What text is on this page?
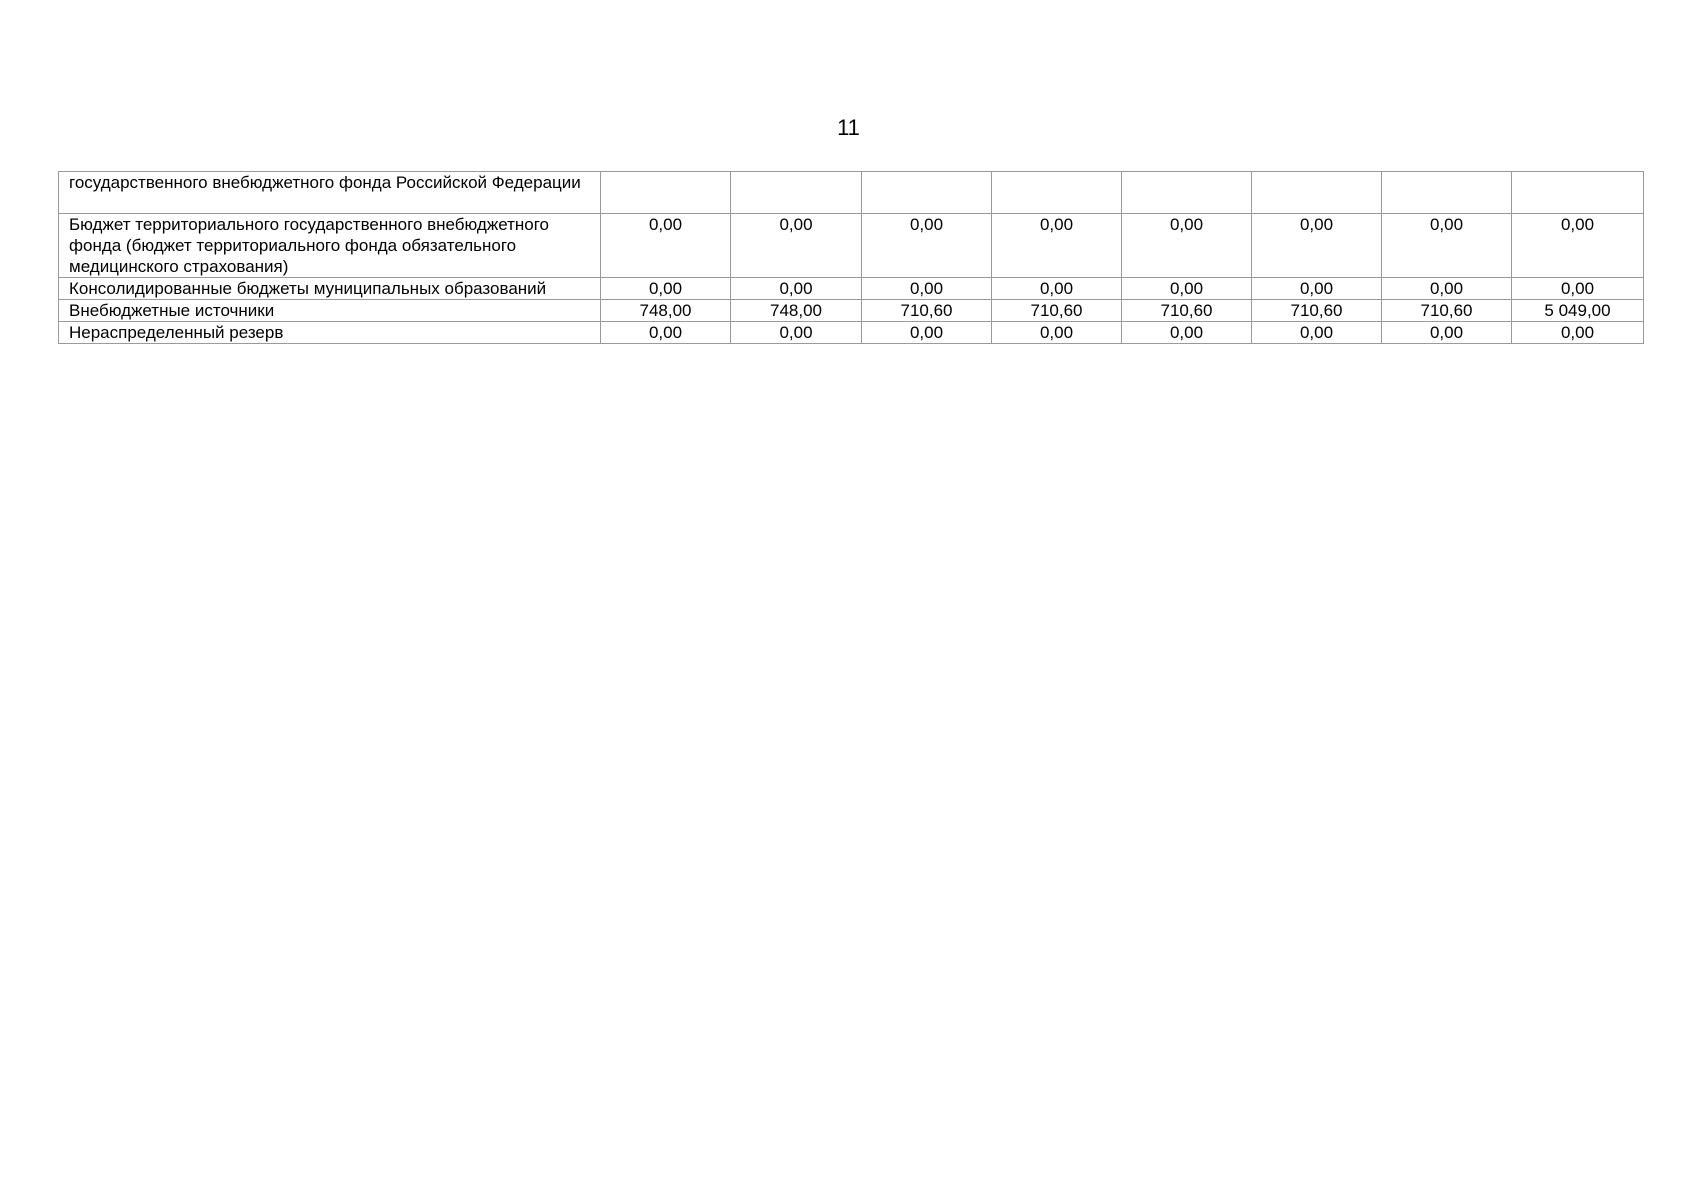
11
государственного внебюджетного фонда Российской Федерации								
Бюджет территориального государственного внебюджетного фонда (бюджет территориального фонда обязательного медицинского страхования)	0,00	0,00	0,00	0,00	0,00	0,00	0,00	0,00
Консолидированные бюджеты муниципальных образований	0,00	0,00	0,00	0,00	0,00	0,00	0,00	0,00
Внебюджетные источники	748,00	748,00	710,60	710,60	710,60	710,60	710,60	5 049,00
Нераспределенный резерв	0,00	0,00	0,00	0,00	0,00	0,00	0,00	0,00
